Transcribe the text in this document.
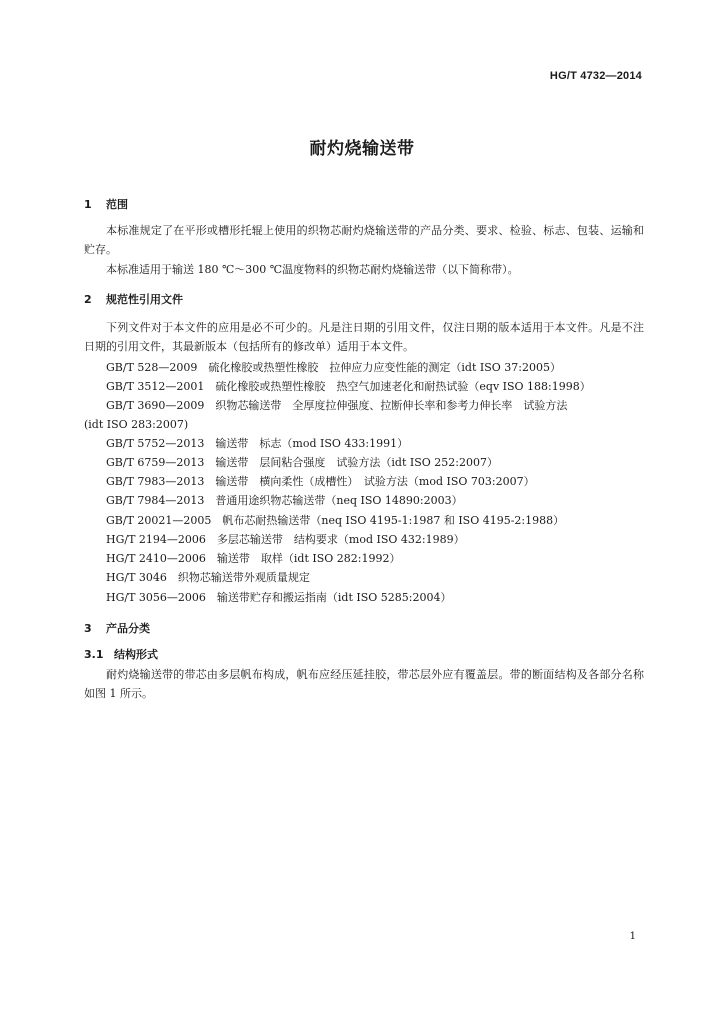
HG/T 4732—2014
耐灼烧输送带
1 范围
本标准规定了在平形或槽形托辊上使用的织物芯耐灼烧输送带的产品分类、要求、检验、标志、包装、运输和贮存。
本标准适用于输送 180 ℃～300 ℃温度物料的织物芯耐灼烧输送带（以下简称带）。
2 规范性引用文件
下列文件对于本文件的应用是必不可少的。凡是注日期的引用文件，仅注日期的版本适用于本文件。凡是不注日期的引用文件，其最新版本（包括所有的修改单）适用于本文件。
GB/T 528—2009　硫化橡胶或热塑性橡胶　拉伸应力应变性能的测定（idt ISO 37:2005）
GB/T 3512—2001　硫化橡胶或热塑性橡胶　热空气加速老化和耐热试验（eqv ISO 188:1998）
GB/T 3690—2009　织物芯输送带　全厚度拉伸强度、拉断伸长率和参考力伸长率　试验方法
(idt ISO 283:2007)
GB/T 5752—2013　输送带　标志（mod ISO 433:1991）
GB/T 6759—2013　输送带　层间粘合强度　试验方法（idt ISO 252:2007）
GB/T 7983—2013　输送带　横向柔性（成槽性）　试验方法（mod ISO 703:2007）
GB/T 7984—2013　普通用途织物芯输送带（neq ISO 14890:2003）
GB/T 20021—2005　帆布芯耐热输送带（neq ISO 4195-1:1987 和 ISO 4195-2:1988）
HG/T 2194—2006　多层芯输送带　结构要求（mod ISO 432:1989）
HG/T 2410—2006　输送带　取样（idt ISO 282:1992）
HG/T 3046　织物芯输送带外观质量规定
HG/T 3056—2006　输送带贮存和搬运指南（idt ISO 5285:2004）
3 产品分类
3.1 结构形式
耐灼烧输送带的带芯由多层帆布构成，帆布应经压延挂胶，带芯层外应有覆盖层。带的断面结构及各部分名称如图 1 所示。
1
